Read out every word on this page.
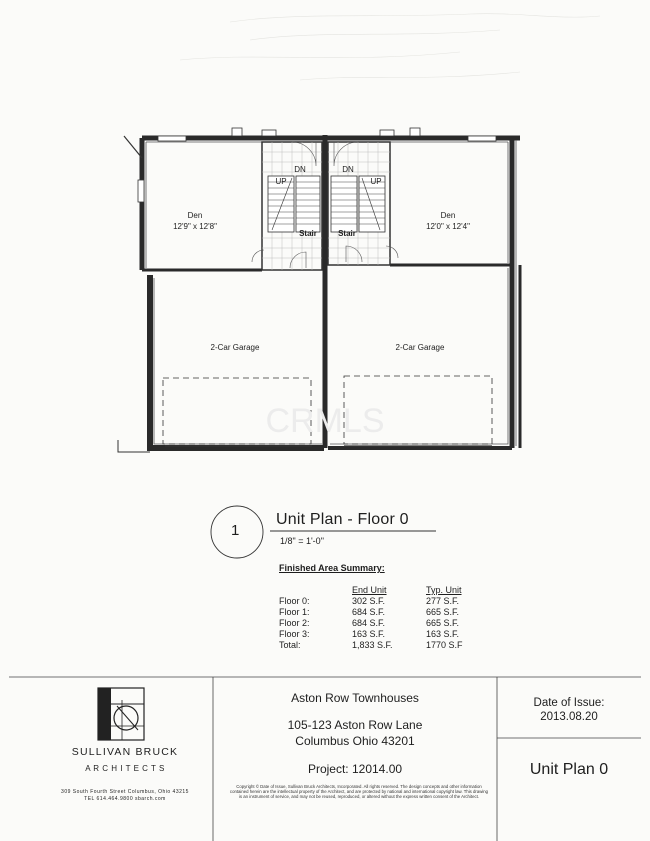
CRMLS
Den
12'9" x 12'8"
Den
12'0" x 12'4"
2-Car Garage	2-Car Garage
DN	DN
UP	UP
Stair	Stair
1
Unit Plan - Floor 0
1/8" = 1'-0"
Finished Area Summary:
	End Unit	Typ. Unit
Floor 0:	302 S.F.	277 S.F.
Floor 1:	684 S.F.	665 S.F.
Floor 2:	684 S.F.	665 S.F.
Floor 3:	163 S.F.	163 S.F.
Total:	1,833 S.F.	1770 S.F
SULLIVAN BRUCK
A R C H I T E C T S
309 South Fourth Street Columbus, Ohio 43215
TEL 614.464.9800 sbarch.com
Aston Row Townhouses
105-123 Aston Row Lane
Columbus Ohio 43201
Project: 12014.00
Copyright © Date of Issue, Sullivan Bruck Architects, Incorporated. All rights reserved. The design concepts and other information contained herein are the intellectual property of the Architect, and are protected by national and international copyright law. This drawing is an instrument of service, and may not be reused, reproduced, or altered without the express written consent of the Architect.
Date of Issue:
2013.08.20
Unit Plan 0
